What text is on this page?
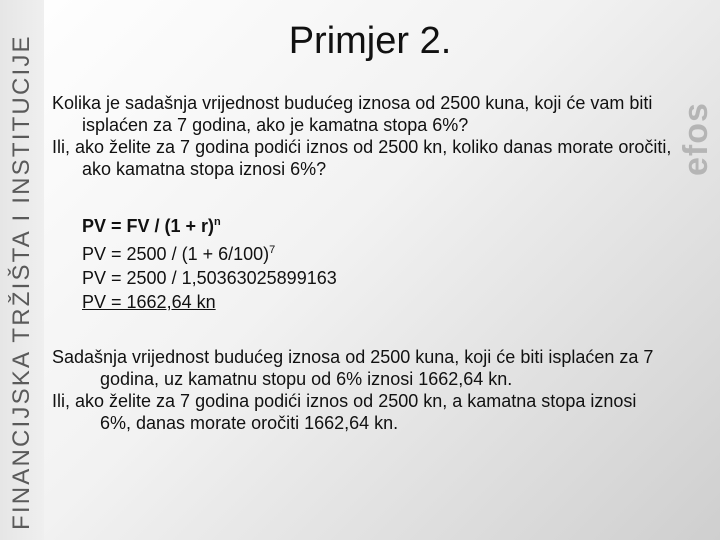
FINANCIJSKA TRŽIŠTA I INSTITUCIJE	efos
Primjer 2.

Kolika je sadašnja vrijednost budućeg iznosa od 2500 kuna, koji će vam biti isplaćen za 7 godina, ako je kamatna stopa 6%?

Ili, ako želite za 7 godina podići iznos od 2500 kn, koliko danas morate oročiti, ako kamatna stopa iznosi 6%?

PV = FV / $(1 + r)^n$
PV = $2500 / (1 + 6/100)^7$
PV = 2500 / 1,50363025899163
PV = 1662,64 kn

Sadašnja vrijednost budućeg iznosa od 2500 kuna, koji će biti isplaćen za 7 godina, uz kamatnu stopu od 6% iznosi 1662,64 kn.

Ili, ako želite za 7 godina podići iznos od 2500 kn, a kamatna stopa iznosi 6%, danas morate oročiti 1662,64 kn.
